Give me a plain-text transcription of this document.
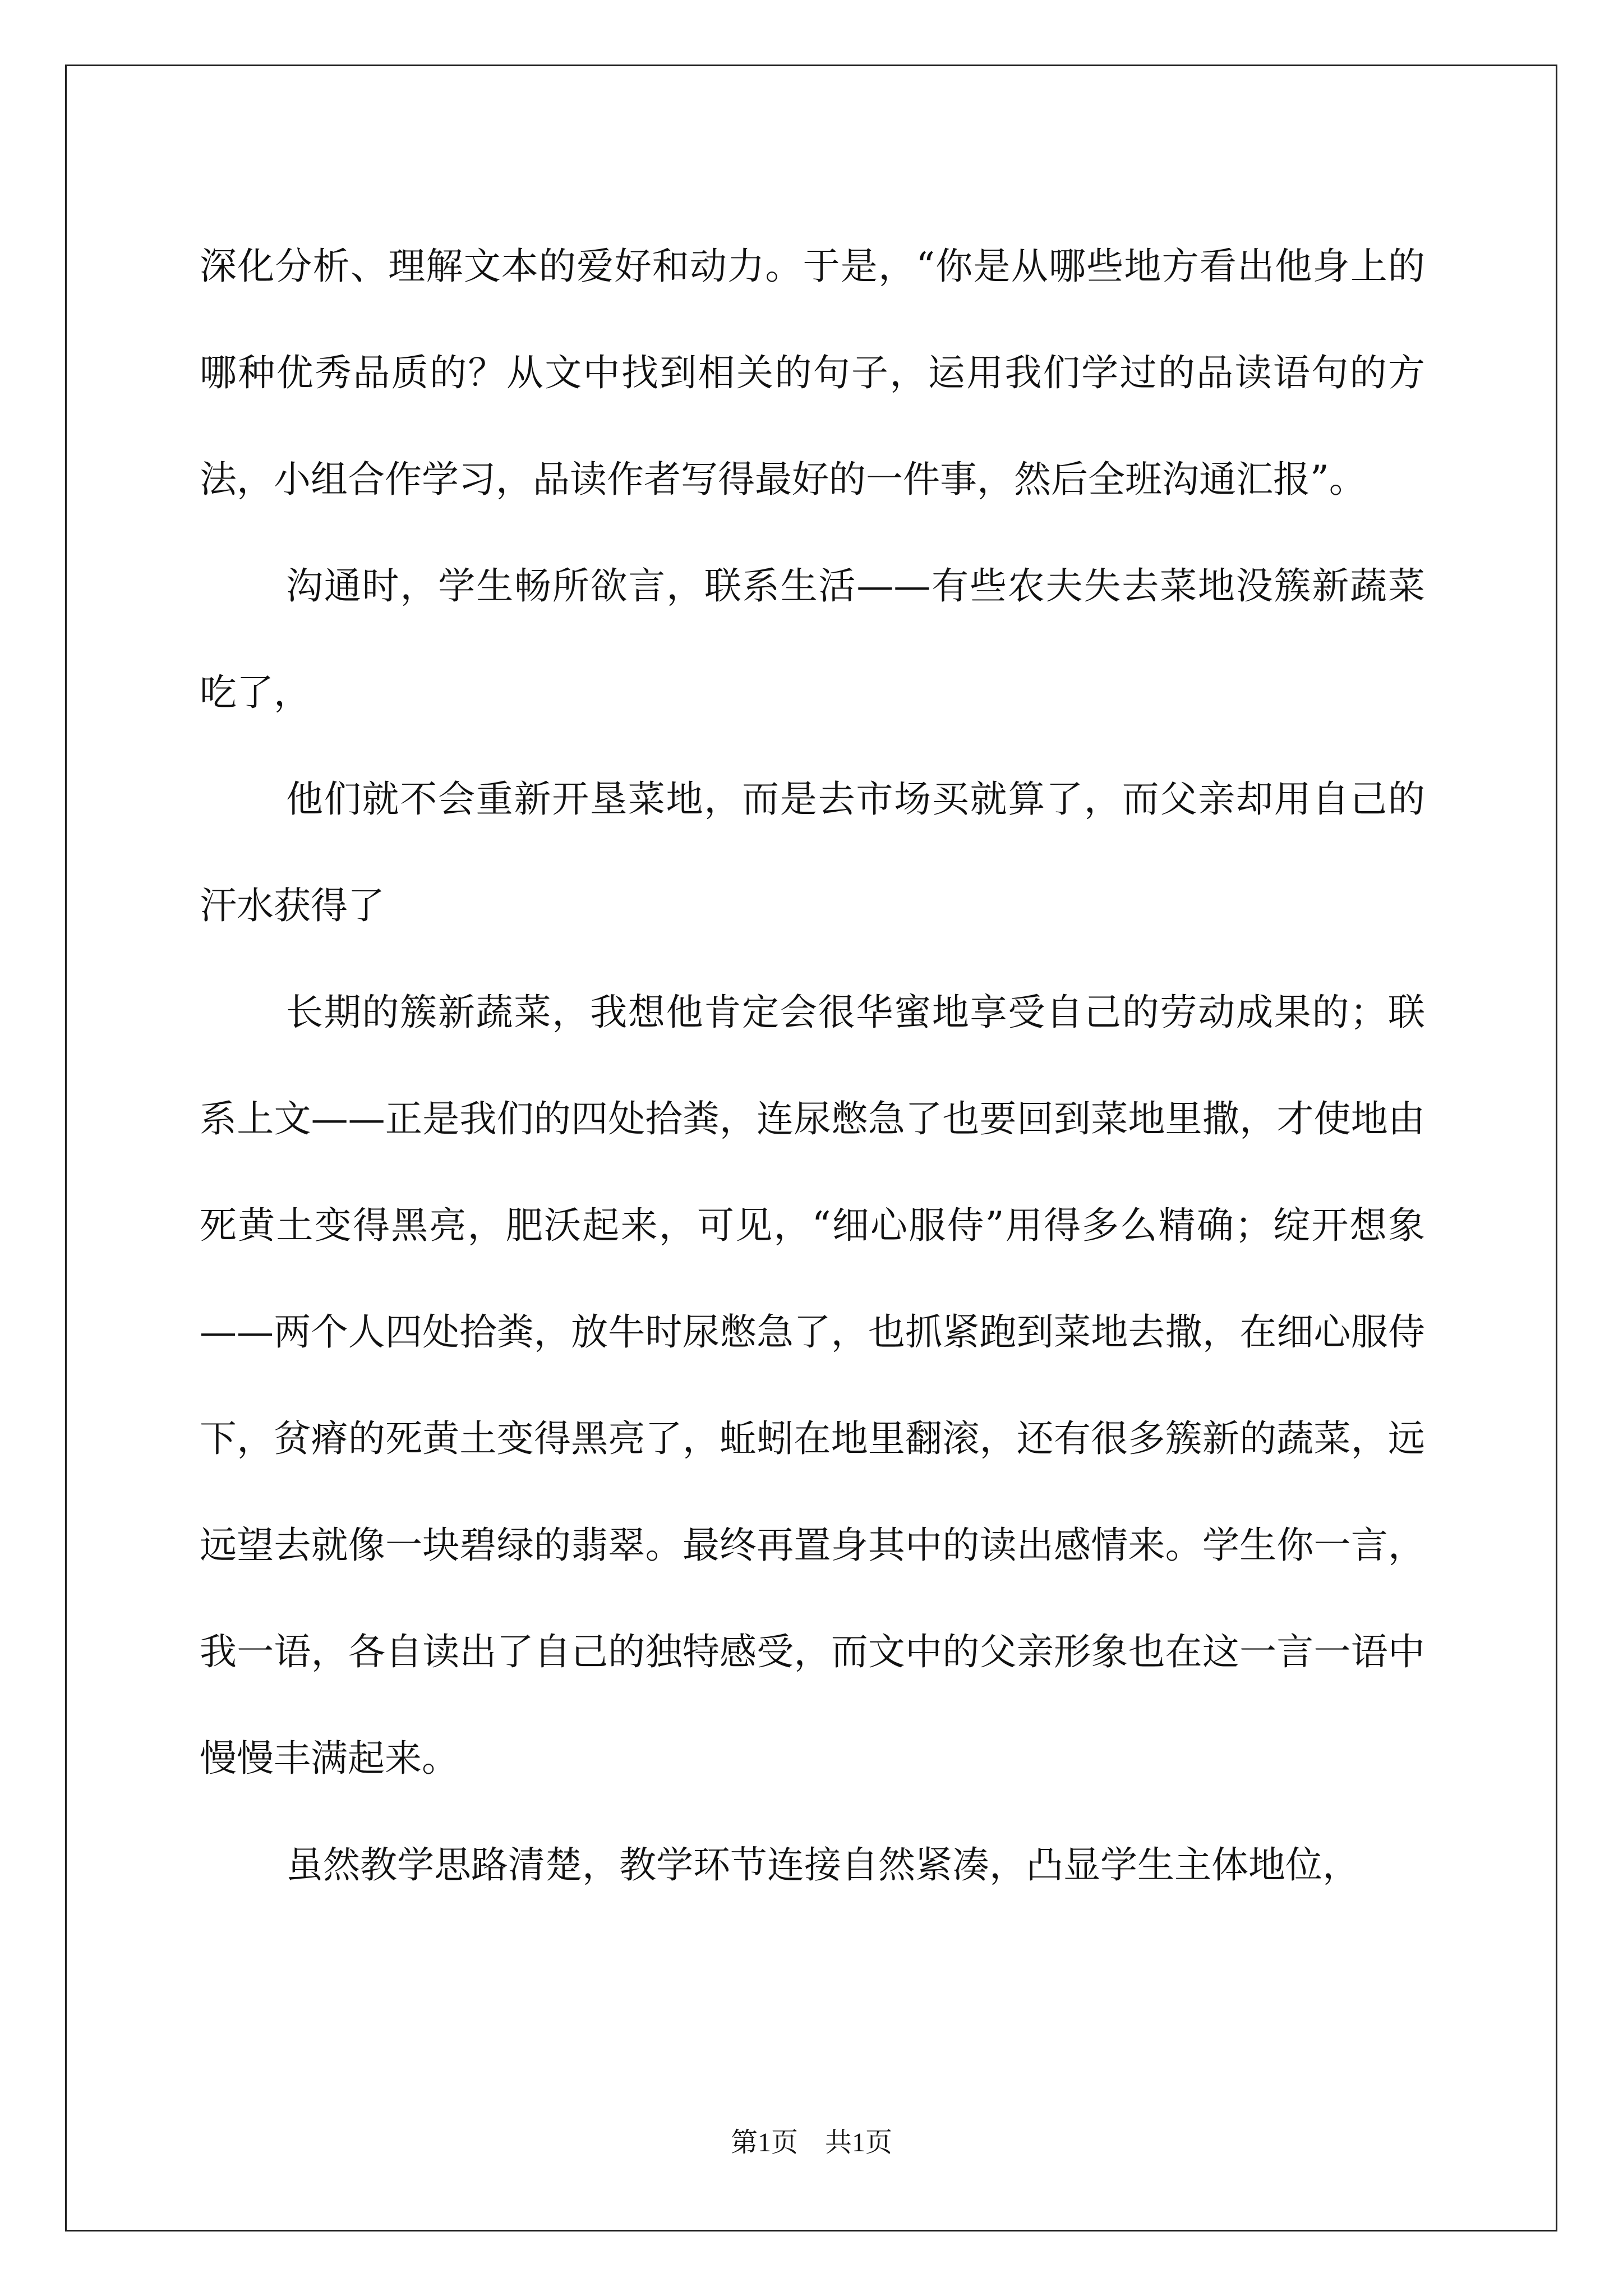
深化分析、理解文本的爱好和动力。于是，“你是从哪些地方看出他身上的哪种优秀品质的？从文中找到相关的句子，运用我们学过的品读语句的方法，小组合作学习，品读作者写得最好的一件事，然后全班沟通汇报”。

沟通时，学生畅所欲言，联系生活——有些农夫失去菜地没簇新蔬菜吃了，

他们就不会重新开垦菜地，而是去市场买就算了，而父亲却用自己的汗水获得了

长期的簇新蔬菜，我想他肯定会很华蜜地享受自己的劳动成果的；联系上文——正是我们的四处拾粪，连尿憋急了也要回到菜地里撒，才使地由死黄土变得黑亮，肥沃起来，可见，“细心服侍”用得多么精确；绽开想象——两个人四处拾粪，放牛时尿憋急了，也抓紧跑到菜地去撒，在细心服侍下，贫瘠的死黄土变得黑亮了，蚯蚓在地里翻滚，还有很多簇新的蔬菜，远远望去就像一块碧绿的翡翠。最终再置身其中的读出感情来。学生你一言，我一语，各自读出了自己的独特感受，而文中的父亲形象也在这一言一语中慢慢丰满起来。

虽然教学思路清楚，教学环节连接自然紧凑，凸显学生主体地位，

第1页　共1页
